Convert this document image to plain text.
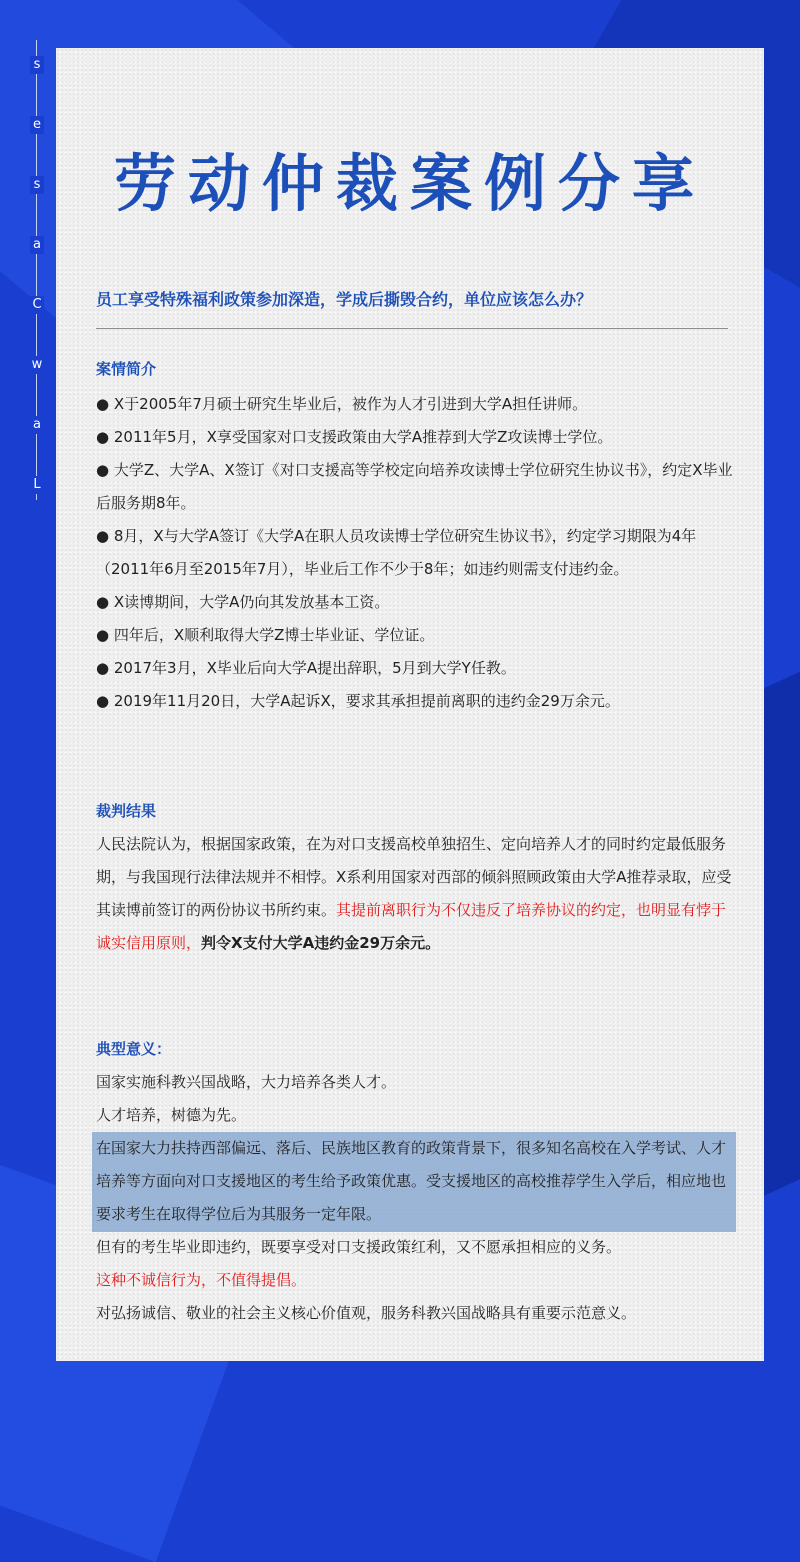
L
a
w
C
a
s
e
s
劳动仲裁案例分享
员工享受特殊福利政策参加深造，学成后撕毁合约，单位应该怎么办？
案情简介
● X于2005年7月硕士研究生毕业后，被作为人才引进到大学A担任讲师。
● 2011年5月，X享受国家对口支援政策由大学A推荐到大学Z攻读博士学位。
● 大学Z、大学A、X签订《对口支援高等学校定向培养攻读博士学位研究生协议书》，约定X毕业后服务期8年。
● 8月，X与大学A签订《大学A在职人员攻读博士学位研究生协议书》，约定学习期限为4年（2011年6月至2015年7月），毕业后工作不少于8年；如违约则需支付违约金。
● X读博期间，大学A仍向其发放基本工资。
● 四年后，X顺利取得大学Z博士毕业证、学位证。
● 2017年3月，X毕业后向大学A提出辞职，5月到大学Y任教。
● 2019年11月20日，大学A起诉X，要求其承担提前离职的违约金29万余元。
裁判结果
人民法院认为，根据国家政策，在为对口支援高校单独招生、定向培养人才的同时约定最低服务期，与我国现行法律法规并不相悖。X系利用国家对西部的倾斜照顾政策由大学A推荐录取，应受其读博前签订的两份协议书所约束。其提前离职行为不仅违反了培养协议的约定，也明显有悖于诚实信用原则，判令X支付大学A违约金29万余元。
典型意义：
国家实施科教兴国战略，大力培养各类人才。
人才培养，树德为先。
在国家大力扶持西部偏远、落后、民族地区教育的政策背景下，很多知名高校在入学考试、人才培养等方面向对口支援地区的考生给予政策优惠。受支援地区的高校推荐学生入学后，相应地也要求考生在取得学位后为其服务一定年限。
但有的考生毕业即违约，既要享受对口支援政策红利，又不愿承担相应的义务。
这种不诚信行为，不值得提倡。
对弘扬诚信、敬业的社会主义核心价值观，服务科教兴国战略具有重要示范意义。
